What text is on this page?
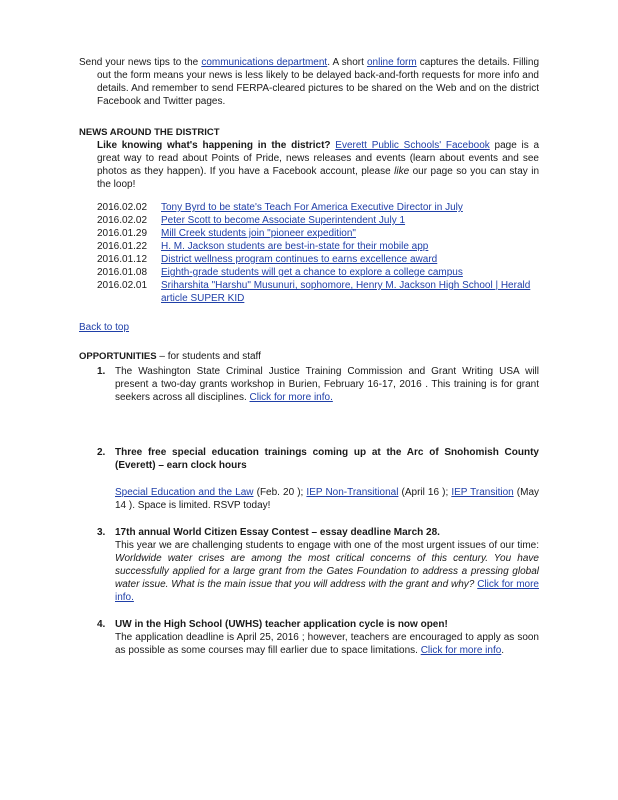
Send your news tips to the communications department. A short online form captures the details. Filling out the form means your news is less likely to be delayed back-and-forth requests for more info and details. And remember to send FERPA-cleared pictures to be shared on the Web and on the district Facebook and Twitter pages.

NEWS AROUND THE DISTRICT

Like knowing what's happening in the district? Everett Public Schools' Facebook page is a great way to read about Points of Pride, news releases and events (learn about events and see photos as they happen). If you have a Facebook account, please like our page so you can stay in the loop!

2016.02.02	Tony Byrd to be state's Teach For America Executive Director in July
2016.02.02	Peter Scott to become Associate Superintendent July 1
2016.01.29	Mill Creek students join "pioneer expedition"
2016.01.22	H. M. Jackson students are best-in-state for their mobile app
2016.01.12	District wellness program continues to earns excellence award
2016.01.08	Eighth-grade students will get a chance to explore a college campus
2016.02.01	Sriharshita "Harshu" Musunuri, sophomore, Henry M. Jackson High School | Herald article SUPER KID
Back to top
OPPORTUNITIES – for students and staff
1. The Washington State Criminal Justice Training Commission and Grant Writing USA will present a two-day grants workshop in Burien, February 16-17, 2016 . This training is for grant seekers across all disciplines. Click for more info.

2. Three free special education trainings coming up at the Arc of Snohomish County (Everett) – earn clock hours

Special Education and the Law (Feb. 20 ); IEP Non-Transitional (April 16 ); IEP Transition (May 14 ). Space is limited. RSVP today!

3. 17th annual World Citizen Essay Contest – essay deadline March 28.

This year we are challenging students to engage with one of the most urgent issues of our time: Worldwide water crises are among the most critical concerns of this century. You have successfully applied for a large grant from the Gates Foundation to address a pressing global water issue. What is the main issue that you will address with the grant and why? Click for more info.

4. UW in the High School (UWHS) teacher application cycle is now open!

The application deadline is April 25, 2016 ; however, teachers are encouraged to apply as soon as possible as some courses may fill earlier due to space limitations. Click for more info.
